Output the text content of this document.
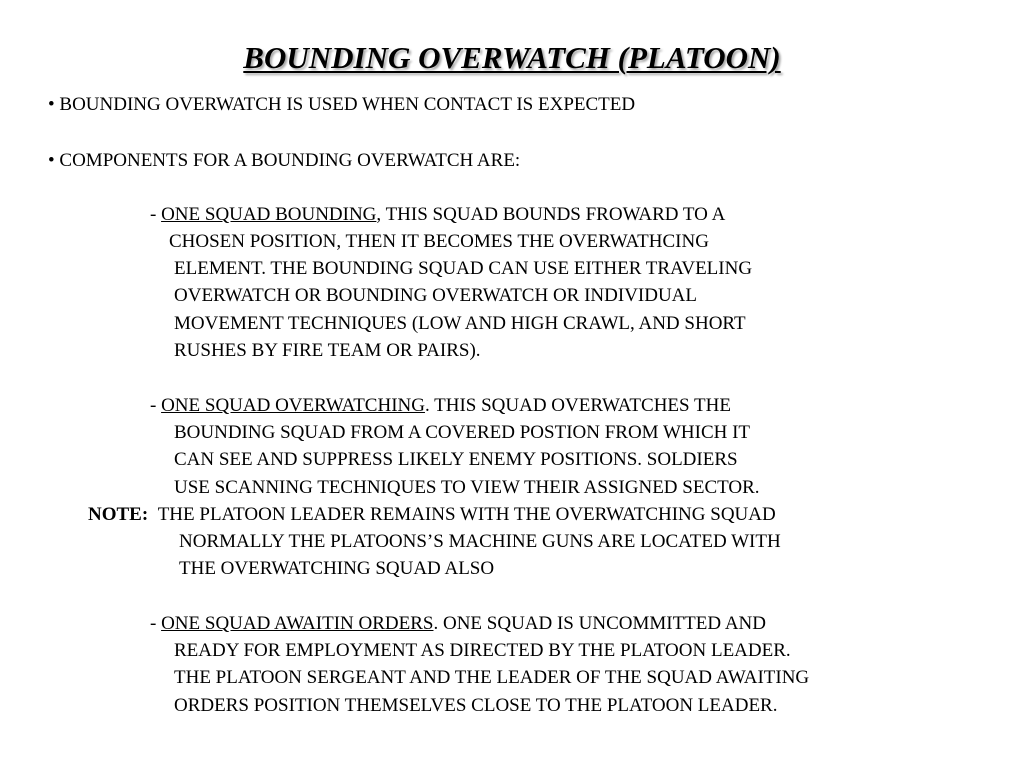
BOUNDING OVERWATCH (PLATOON)
• BOUNDING OVERWATCH IS USED WHEN CONTACT IS EXPECTED
• COMPONENTS FOR A BOUNDING OVERWATCH ARE:
- ONE SQUAD BOUNDING, THIS SQUAD BOUNDS FROWARD TO A
CHOSEN POSITION, THEN IT BECOMES THE OVERWATHCING
ELEMENT. THE BOUNDING SQUAD CAN USE EITHER TRAVELING
OVERWATCH OR BOUNDING OVERWATCH OR INDIVIDUAL
MOVEMENT TECHNIQUES (LOW AND HIGH CRAWL, AND SHORT
RUSHES BY FIRE TEAM OR PAIRS).
- ONE SQUAD OVERWATCHING. THIS SQUAD OVERWATCHES THE
BOUNDING SQUAD FROM A COVERED POSTION FROM WHICH IT
CAN SEE AND SUPPRESS LIKELY ENEMY POSITIONS. SOLDIERS
USE SCANNING TECHNIQUES TO VIEW THEIR ASSIGNED SECTOR.
NOTE: THE PLATOON LEADER REMAINS WITH THE OVERWATCHING SQUAD
NORMALLY THE PLATOONS’S MACHINE GUNS ARE LOCATED WITH
THE OVERWATCHING SQUAD ALSO
- ONE SQUAD AWAITIN ORDERS. ONE SQUAD IS UNCOMMITTED AND
READY FOR EMPLOYMENT AS DIRECTED BY THE PLATOON LEADER.
THE PLATOON SERGEANT AND THE LEADER OF THE SQUAD AWAITING
ORDERS POSITION THEMSELVES CLOSE TO THE PLATOON LEADER.
